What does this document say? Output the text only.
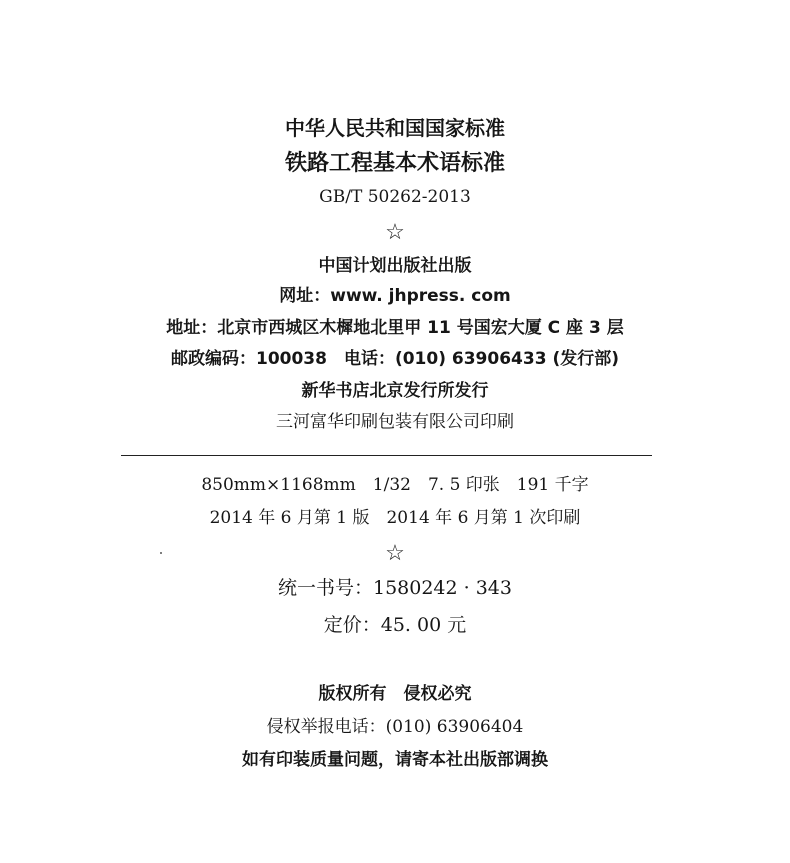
中华人民共和国国家标准
铁路工程基本术语标准
GB/T 50262-2013
☆
中国计划出版社出版
网址：www. jhpress. com
地址：北京市西城区木樨地北里甲 11 号国宏大厦 C 座 3 层
邮政编码：100038　电话：(010) 63906433 (发行部)
新华书店北京发行所发行
三河富华印刷包装有限公司印刷
850mm×1168mm　1/32　7. 5 印张　191 千字
2014 年 6 月第 1 版　2014 年 6 月第 1 次印刷
☆
统一书号：1580242 · 343
定价：45. 00 元
版权所有　侵权必究
侵权举报电话：(010) 63906404
如有印装质量问题，请寄本社出版部调换
